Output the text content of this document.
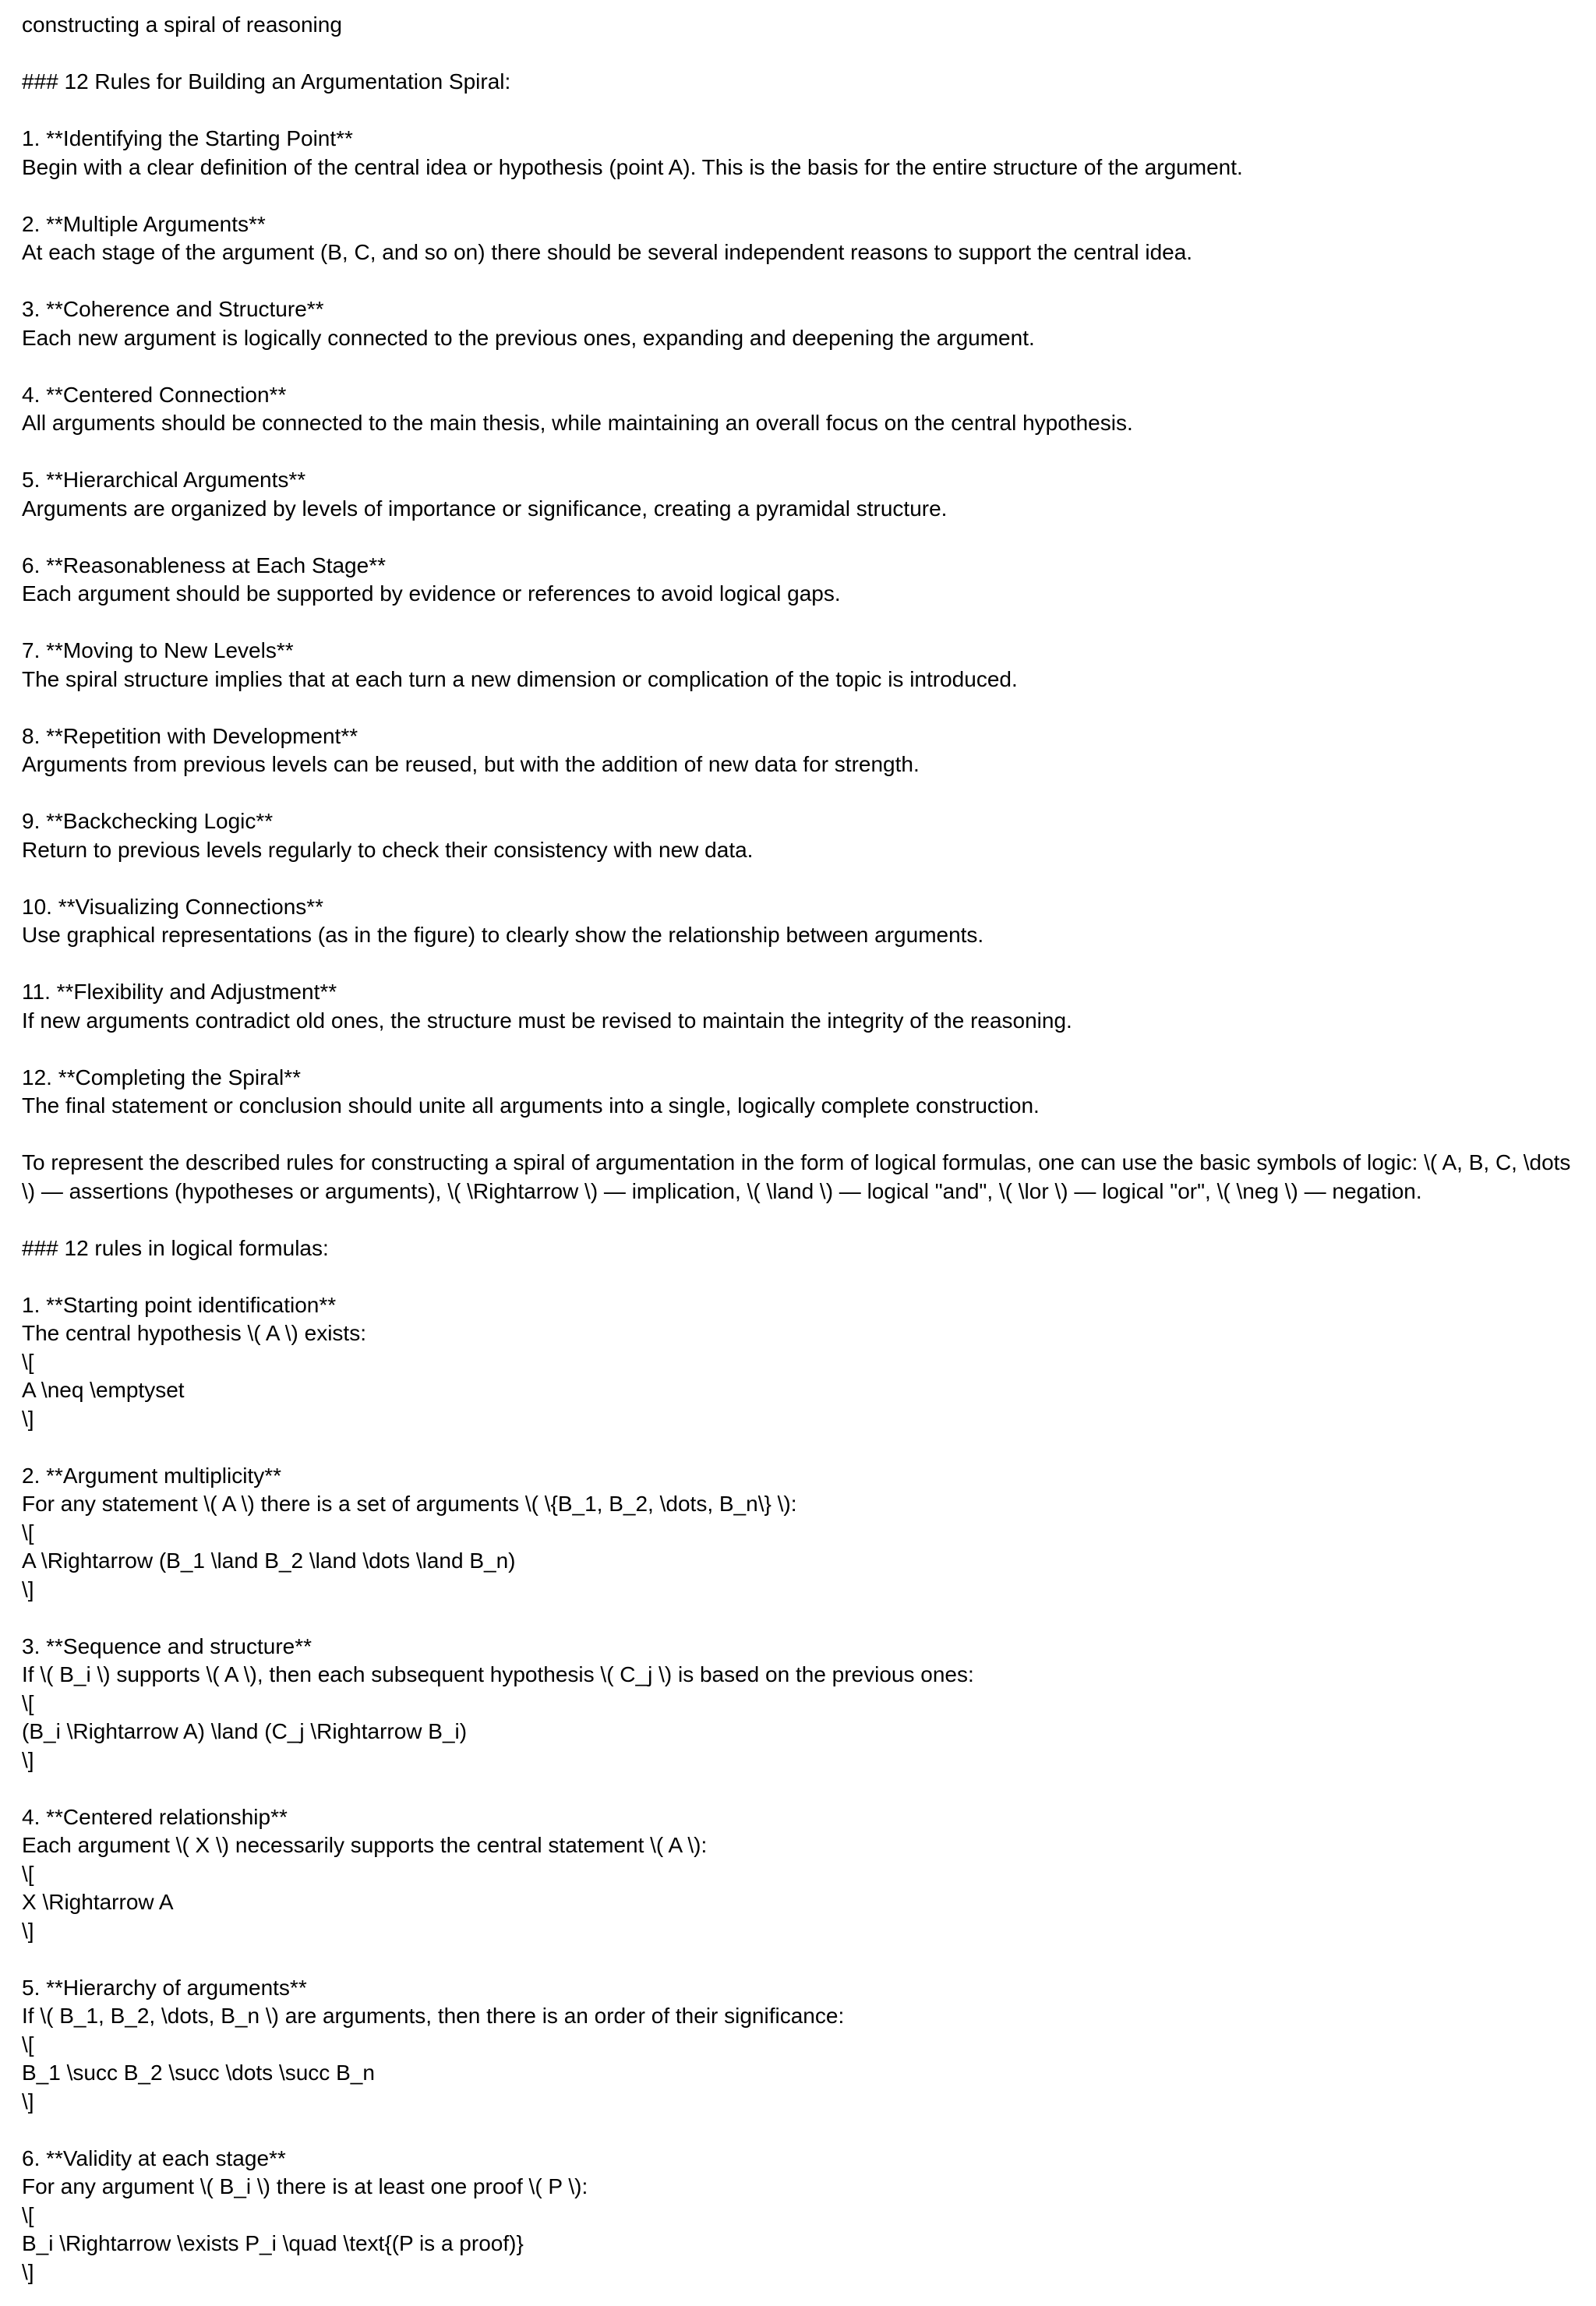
constructing a spiral of reasoning
### 12 Rules for Building an Argumentation Spiral:
1. **Identifying the Starting Point**
Begin with a clear definition of the central idea or hypothesis (point A). This is the basis for the entire structure of the argument.
2. **Multiple Arguments**
At each stage of the argument (B, C, and so on) there should be several independent reasons to support the central idea.
3. **Coherence and Structure**
Each new argument is logically connected to the previous ones, expanding and deepening the argument.
4. **Centered Connection**
All arguments should be connected to the main thesis, while maintaining an overall focus on the central hypothesis.
5. **Hierarchical Arguments**
Arguments are organized by levels of importance or significance, creating a pyramidal structure.
6. **Reasonableness at Each Stage**
Each argument should be supported by evidence or references to avoid logical gaps.
7. **Moving to New Levels**
The spiral structure implies that at each turn a new dimension or complication of the topic is introduced.
8. **Repetition with Development**
Arguments from previous levels can be reused, but with the addition of new data for strength.
9. **Backchecking Logic**
Return to previous levels regularly to check their consistency with new data.
10. **Visualizing Connections**
Use graphical representations (as in the figure) to clearly show the relationship between arguments.
11. **Flexibility and Adjustment**
If new arguments contradict old ones, the structure must be revised to maintain the integrity of the reasoning.
12. **Completing the Spiral**
The final statement or conclusion should unite all arguments into a single, logically complete construction.
To represent the described rules for constructing a spiral of argumentation in the form of logical formulas, one can use the basic symbols of logic: \( A, B, C, \dots
\) — assertions (hypotheses or arguments), \( \Rightarrow \) — implication, \( \land \) — logical "and", \( \lor \) — logical "or", \( \neg \) — negation.
### 12 rules in logical formulas:
1. **Starting point identification**
The central hypothesis \( A \) exists:
\[
A \neq \emptyset
\]
2. **Argument multiplicity**
For any statement \( A \) there is a set of arguments \( \{B_1, B_2, \dots, B_n\} \):
\[
A \Rightarrow (B_1 \land B_2 \land \dots \land B_n)
\]
3. **Sequence and structure**
If \( B_i \) supports \( A \), then each subsequent hypothesis \( C_j \) is based on the previous ones:
\[
(B_i \Rightarrow A) \land (C_j \Rightarrow B_i)
\]
4. **Centered relationship**
Each argument \( X \) necessarily supports the central statement \( A \):
\[
X \Rightarrow A
\]
5. **Hierarchy of arguments**
If \( B_1, B_2, \dots, B_n \) are arguments, then there is an order of their significance:
\[
B_1 \succ B_2 \succ \dots \succ B_n
\]
6. **Validity at each stage**
For any argument \( B_i \) there is at least one proof \( P \):
\[
B_i \Rightarrow \exists P_i \quad \text{(P is a proof)}
\]
